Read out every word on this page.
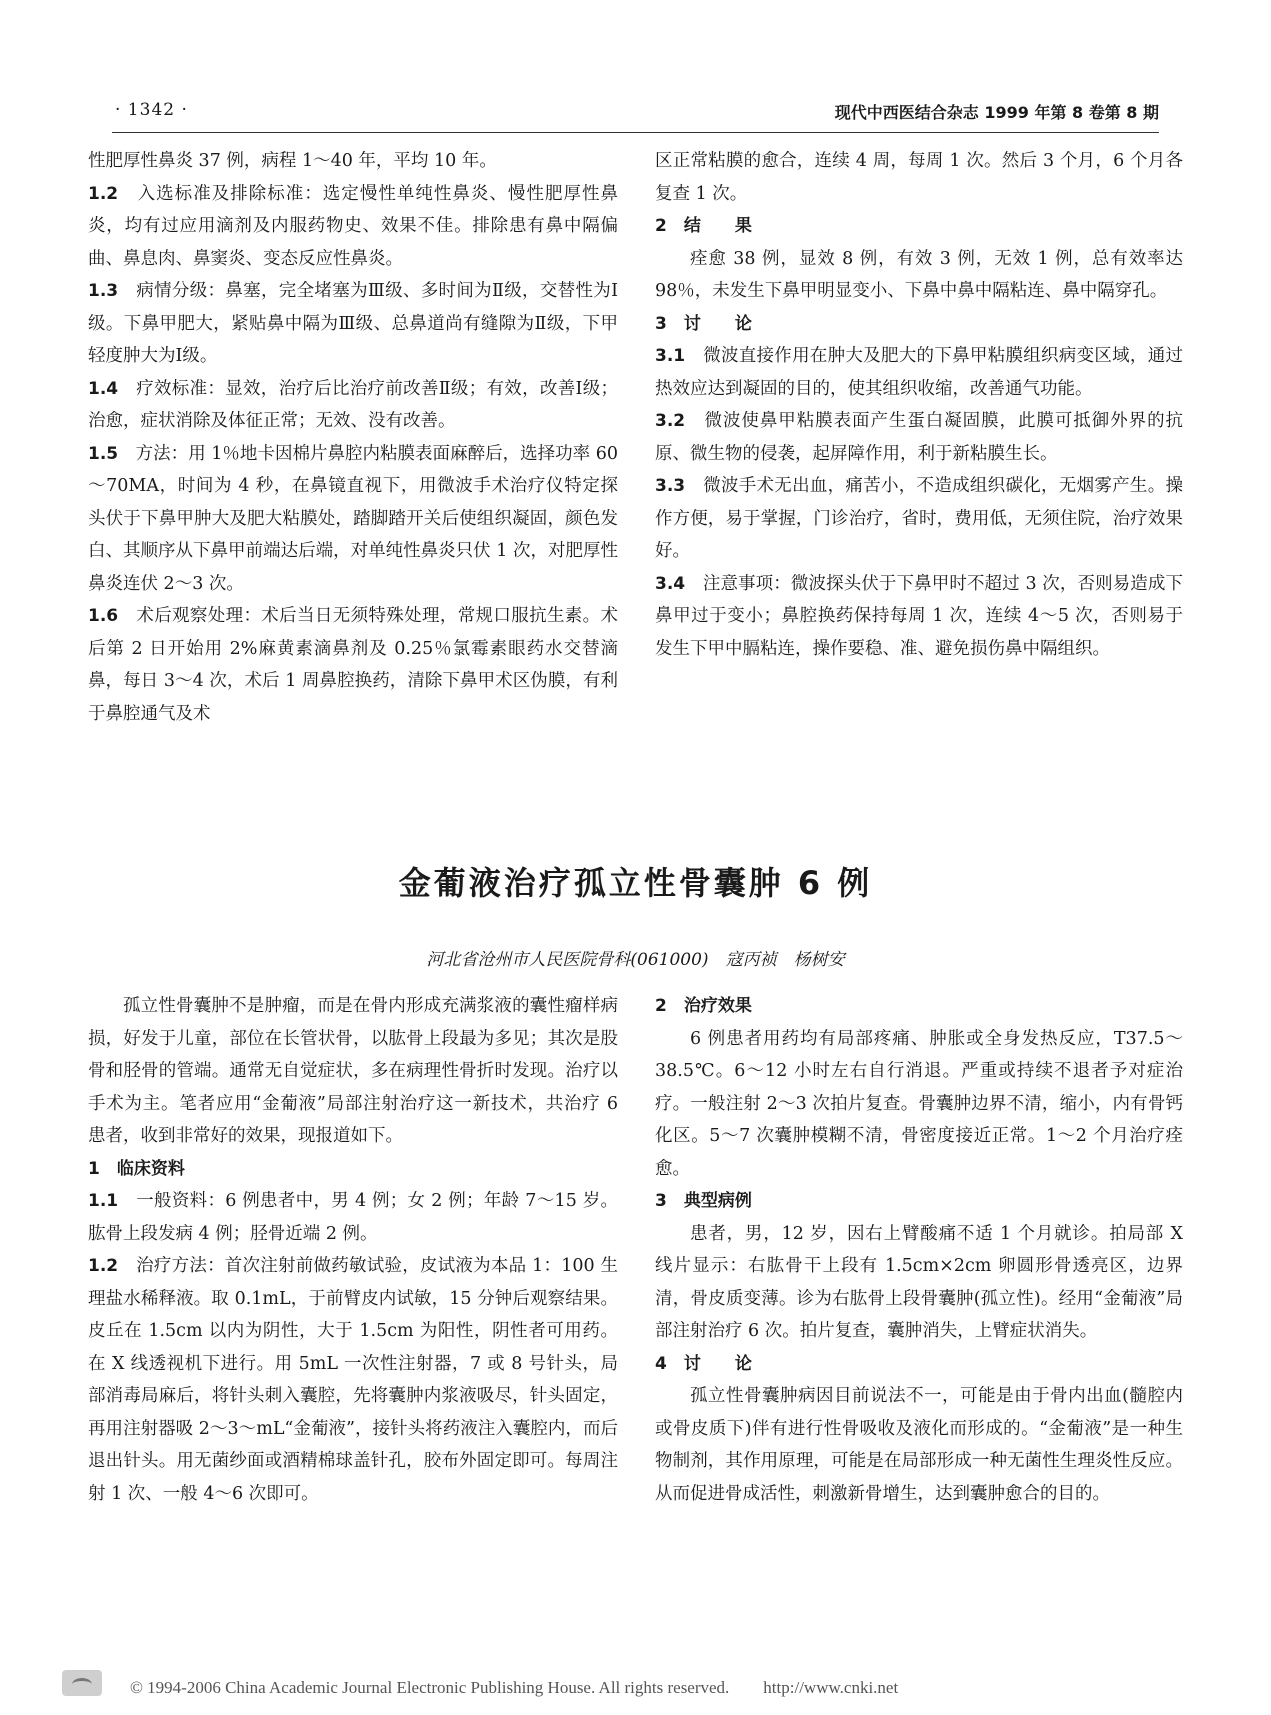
· 1342 ·	现代中西医结合杂志 1999 年第 8 卷第 8 期

性肥厚性鼻炎 37 例，病程 1～40 年，平均 10 年。

1.2　 入选标准及排除标准：选定慢性单纯性鼻炎、慢性肥厚性鼻炎，均有过应用滴剂及内服药物史、效果不佳。排除患有鼻中隔偏曲、鼻息肉、鼻窦炎、变态反应性鼻炎。

1.3　 病情分级：鼻塞，完全堵塞为Ⅲ级、多时间为Ⅱ级，交替性为Ⅰ级。下鼻甲肥大，紧贴鼻中隔为Ⅲ级、总鼻道尚有缝隙为Ⅱ级，下甲轻度肿大为Ⅰ级。

1.4　 疗效标准：显效，治疗后比治疗前改善Ⅱ级；有效，改善Ⅰ级；治愈，症状消除及体征正常；无效、没有改善。

1.5　 方法：用 1％地卡因棉片鼻腔内粘膜表面麻醉后，选择功率 60～70MA，时间为 4 秒，在鼻镜直视下，用微波手术治疗仪特定探头伏于下鼻甲肿大及肥大粘膜处，踏脚踏开关后使组织凝固，颜色发白、其顺序从下鼻甲前端达后端，对单纯性鼻炎只伏 1 次，对肥厚性鼻炎连伏 2～3 次。

1.6　 术后观察处理：术后当日无须特殊处理，常规口服抗生素。术后第 2 日开始用 2%麻黄素滴鼻剂及 0.25％氯霉素眼药水交替滴鼻，每日 3～4 次，术后 1 周鼻腔换药，清除下鼻甲术区伪膜，有利于鼻腔通气及术

区正常粘膜的愈合，连续 4 周，每周 1 次。然后 3 个月，6 个月各复查 1 次。

2　结　　果

痊愈 38 例，显效 8 例，有效 3 例，无效 1 例，总有效率达 98％，未发生下鼻甲明显变小、下鼻中鼻中隔粘连、鼻中隔穿孔。

3　讨　　论

3.1　 微波直接作用在肿大及肥大的下鼻甲粘膜组织病变区域，通过热效应达到凝固的目的，使其组织收缩，改善通气功能。

3.2　 微波使鼻甲粘膜表面产生蛋白凝固膜，此膜可抵御外界的抗原、微生物的侵袭，起屏障作用，利于新粘膜生长。

3.3　 微波手术无出血，痛苦小，不造成组织碳化，无烟雾产生。操作方便，易于掌握，门诊治疗，省时，费用低，无须住院，治疗效果好。

3.4　 注意事项：微波探头伏于下鼻甲时不超过 3 次，否则易造成下鼻甲过于变小；鼻腔换药保持每周 1 次，连续 4～5 次，否则易于发生下甲中膈粘连，操作要稳、准、避免损伤鼻中隔组织。

金葡液治疗孤立性骨囊肿 6 例
河北省沧州市人民医院骨科(061000)　寇丙祯　杨树安

孤立性骨囊肿不是肿瘤，而是在骨内形成充满浆液的囊性瘤样病损，好发于儿童，部位在长管状骨，以肱骨上段最为多见；其次是股骨和胫骨的管端。通常无自觉症状，多在病理性骨折时发现。治疗以手术为主。笔者应用“金葡液”局部注射治疗这一新技术，共治疗 6 患者，收到非常好的效果，现报道如下。

1　临床资料

1.1　 一般资料：6 例患者中，男 4 例；女 2 例；年龄 7～15 岁。肱骨上段发病 4 例；胫骨近端 2 例。

1.2　 治疗方法：首次注射前做药敏试验，皮试液为本品 1：100 生理盐水稀释液。取 0.1mL，于前臂皮内试敏，15 分钟后观察结果。皮丘在 1.5cm 以内为阴性，大于 1.5cm 为阳性，阴性者可用药。在 X 线透视机下进行。用 5mL 一次性注射器，7 或 8 号针头，局部消毒局麻后，将针头刺入囊腔，先将囊肿内浆液吸尽，针头固定，再用注射器吸 2～3～mL“金葡液”，接针头将药液注入囊腔内，而后退出针头。用无菌纱面或酒精棉球盖针孔，胶布外固定即可。每周注射 1 次、一般 4～6 次即可。

2　治疗效果

6 例患者用药均有局部疼痛、肿胀或全身发热反应，T37.5～38.5℃。6～12 小时左右自行消退。严重或持续不退者予对症治疗。一般注射 2～3 次拍片复查。骨囊肿边界不清，缩小，内有骨钙化区。5～7 次囊肿模糊不清，骨密度接近正常。1～2 个月治疗痊愈。

3　典型病例

患者，男，12 岁，因右上臂酸痛不适 1 个月就诊。拍局部 X 线片显示：右肱骨干上段有 1.5cm×2cm 卵圆形骨透亮区，边界清，骨皮质变薄。诊为右肱骨上段骨囊肿(孤立性)。经用“金葡液”局部注射治疗 6 次。拍片复查，囊肿消失，上臂症状消失。

4　讨　　论

孤立性骨囊肿病因目前说法不一，可能是由于骨内出血(髓腔内或骨皮质下)伴有进行性骨吸收及液化而形成的。“金葡液”是一种生物制剂，其作用原理，可能是在局部形成一种无菌性生理炎性反应。从而促进骨成活性，刺激新骨增生，达到囊肿愈合的目的。

© 1994-2006 China Academic Journal Electronic Publishing House. All rights reserved.　　http://www.cnki.net
